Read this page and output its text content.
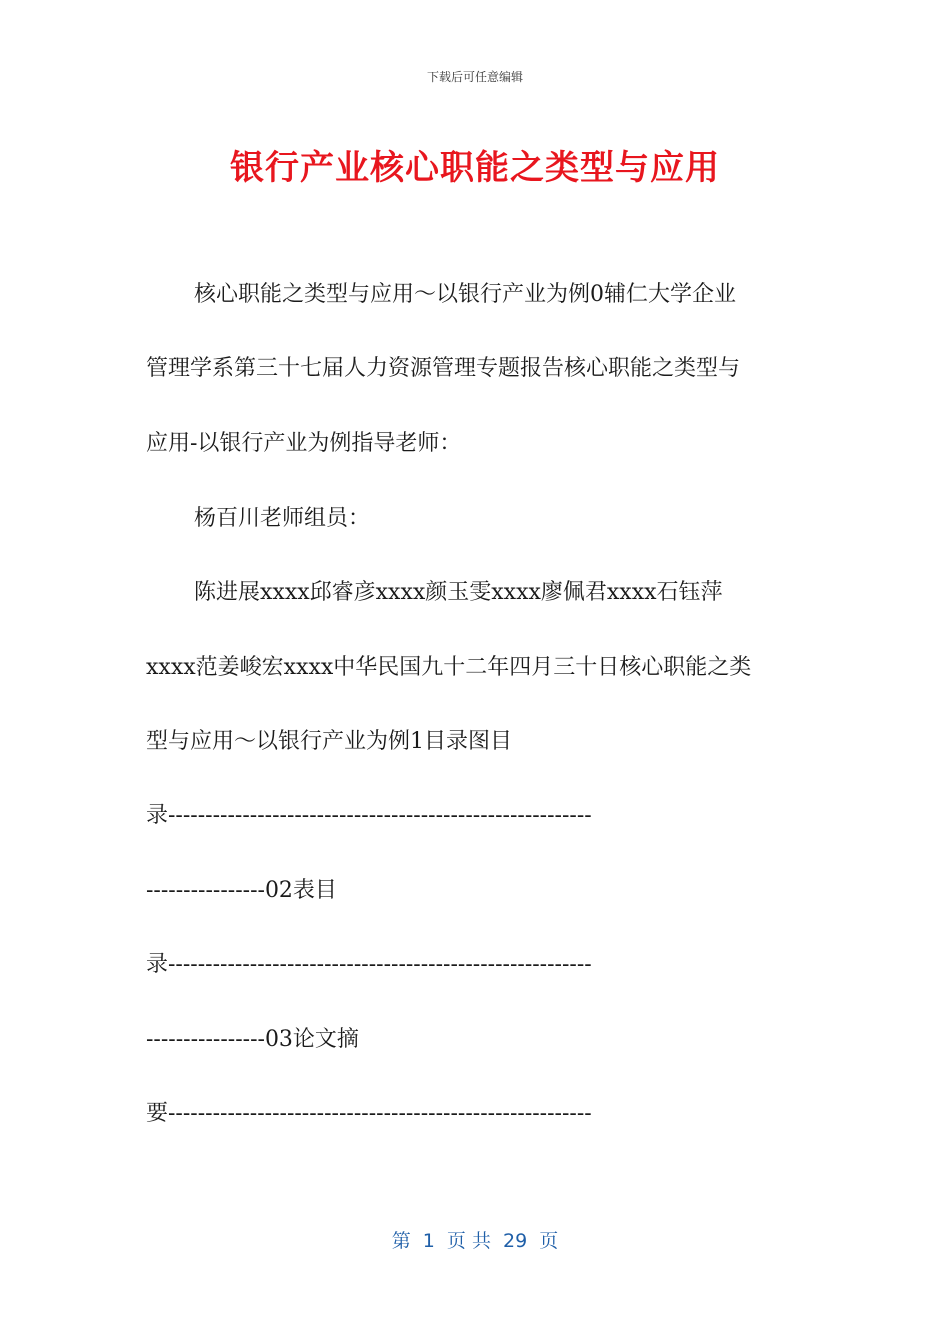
下载后可任意编辑
银行产业核心职能之类型与应用
核心职能之类型与应用～以银行产业为例0辅仁大学企业
管理学系第三十七届人力资源管理专题报告核心职能之类型与
应用-以银行产业为例指导老师：
杨百川老师组员：
陈进展xxxx邱睿彦xxxx颜玉雯xxxx廖佩君xxxx石钰萍
xxxx范姜峻宏xxxx中华民国九十二年四月三十日核心职能之类
型与应用～以银行产业为例1目录图目
录---------------------------------------------------------
----------------02表目
录---------------------------------------------------------
----------------03论文摘
要---------------------------------------------------------
第  1  页 共  29  页
